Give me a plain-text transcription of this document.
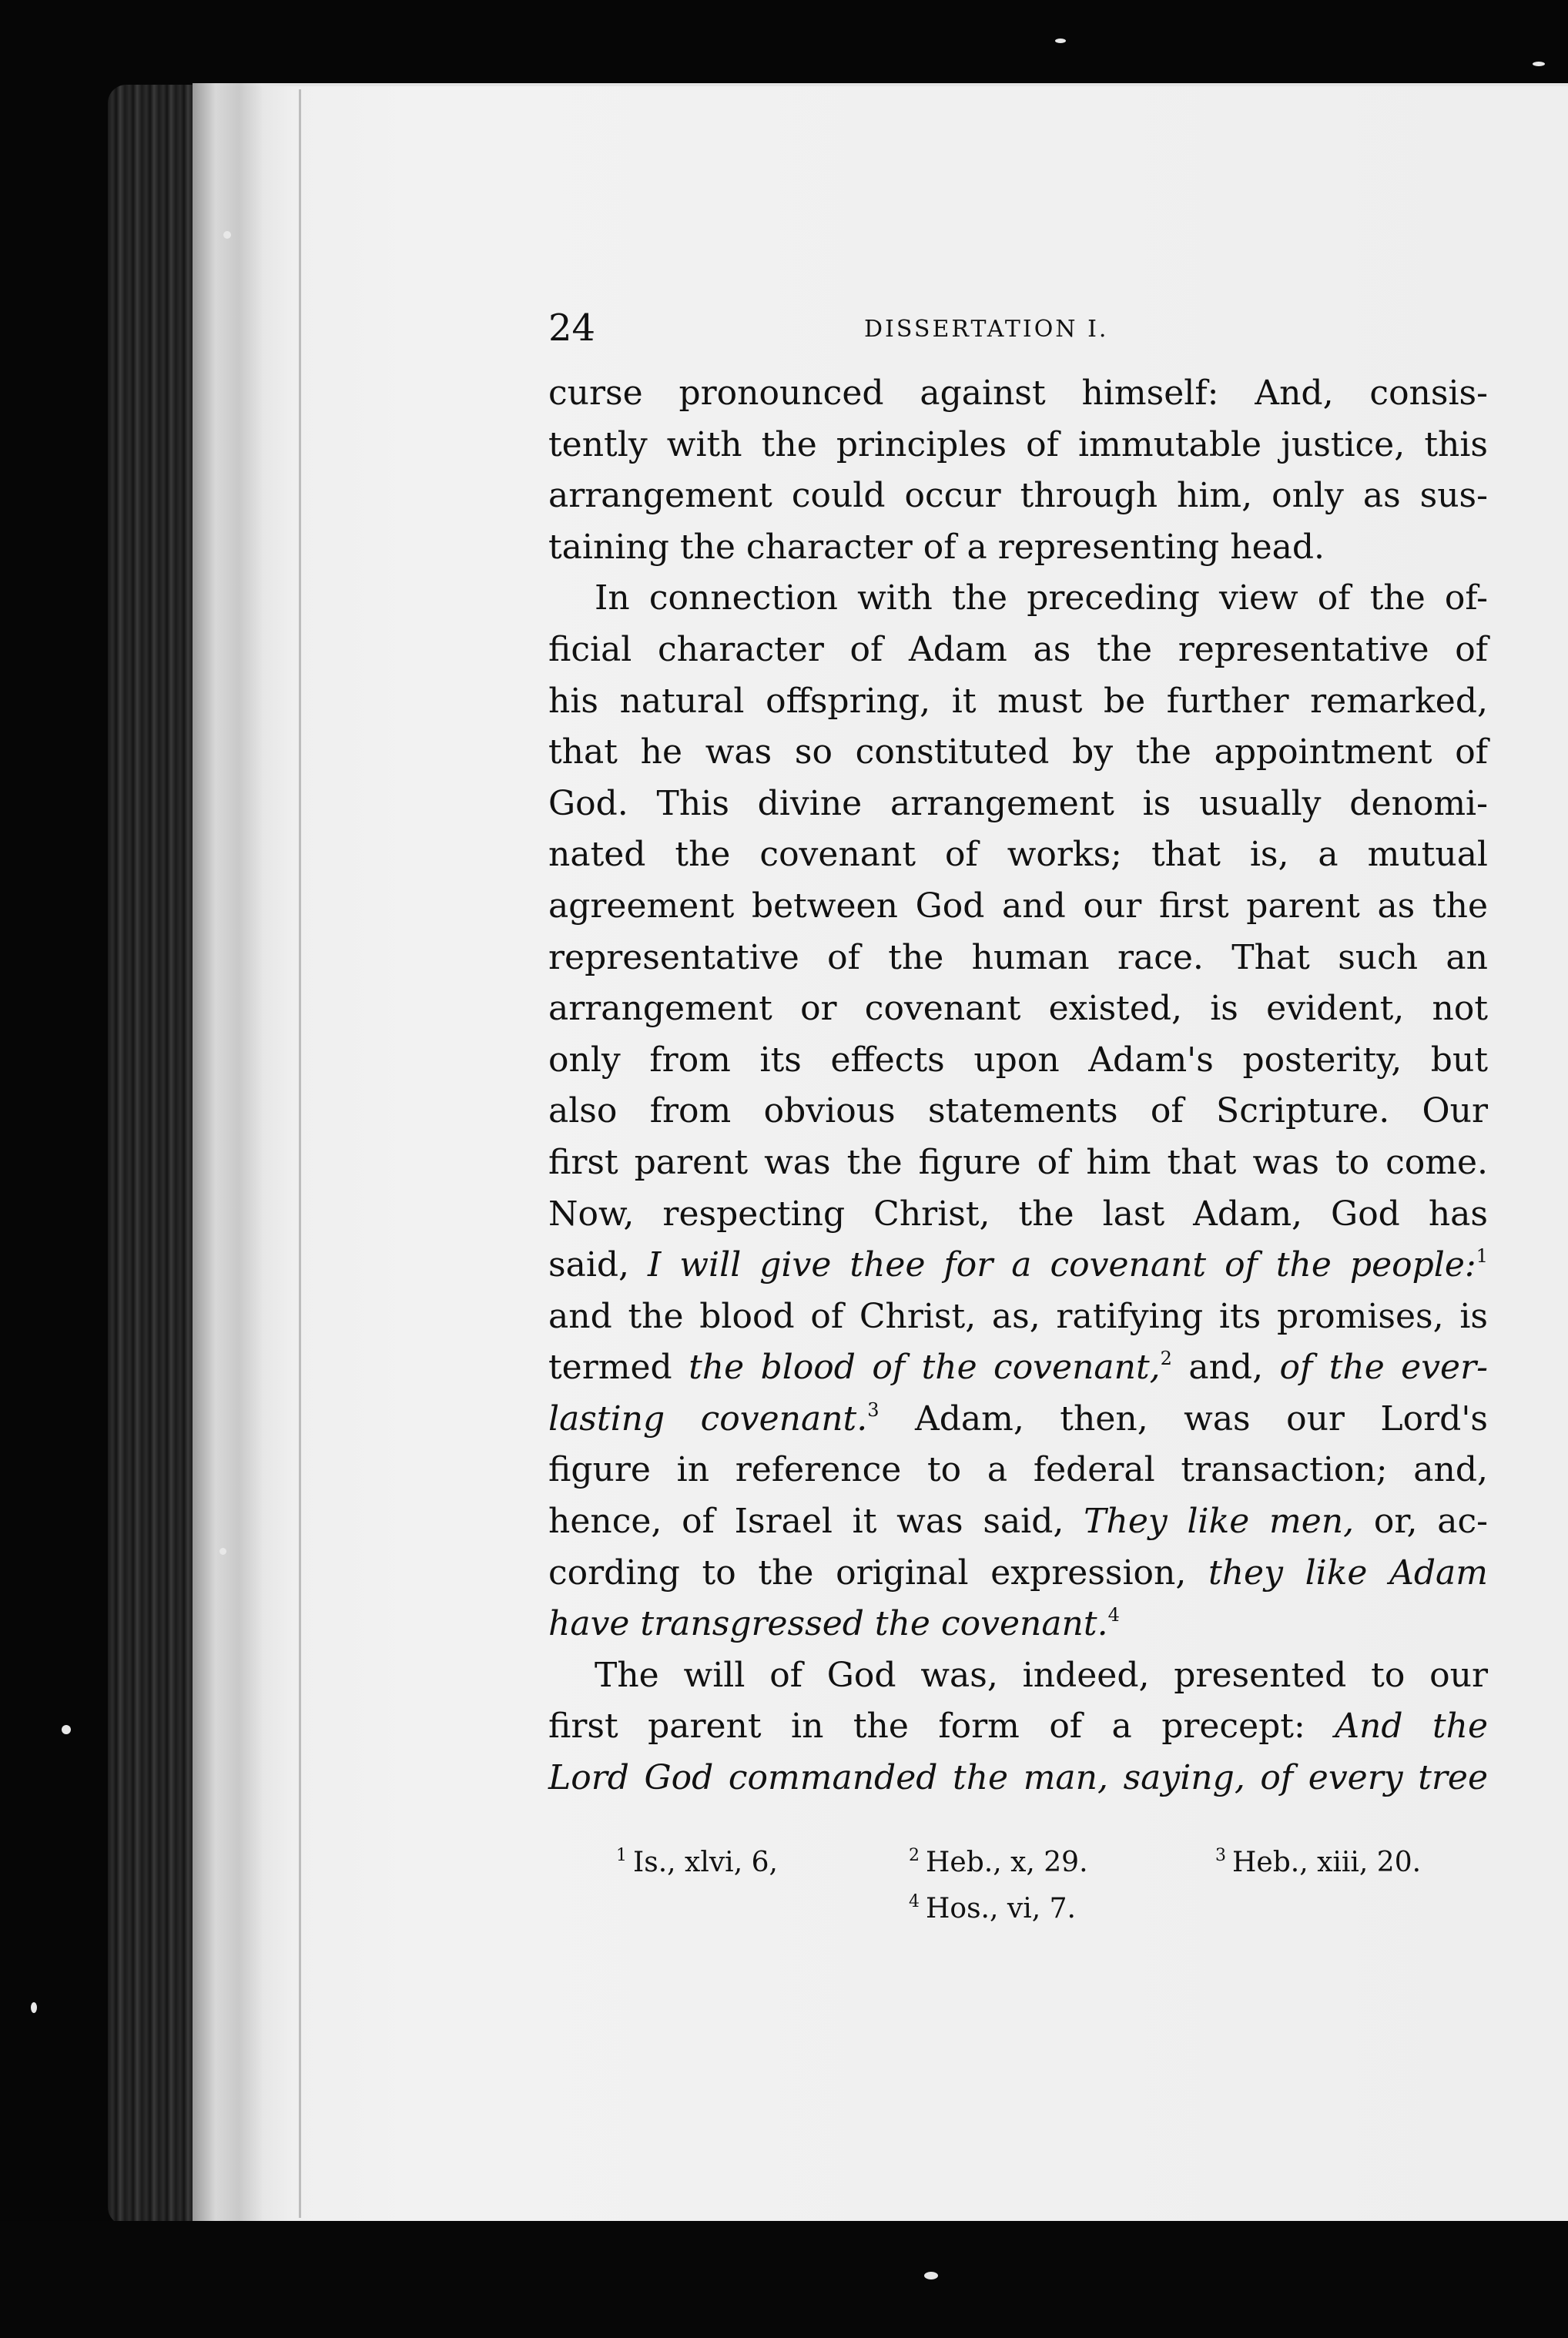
24	DISSERTATION I.
curse pronounced against himself: And, consis-
tently with the principles of immutable justice, this
arrangement could occur through him, only as sus-
taining the character of a representing head.
In connection with the preceding view of the of-
ficial character of Adam as the representative of
his natural offspring, it must be further remarked,
that he was so constituted by the appointment of
God. This divine arrangement is usually denomi-
nated the covenant of works; that is, a mutual
agreement between God and our first parent as the
representative of the human race. That such an
arrangement or covenant existed, is evident, not
only from its effects upon Adam's posterity, but
also from obvious statements of Scripture. Our
first parent was the figure of him that was to come.
Now, respecting Christ, the last Adam, God has
said, I will give thee for a covenant of the people:$^1$
and the blood of Christ, as, ratifying its promises, is
termed the blood of the covenant,$^2$ and, of the ever-
lasting covenant.$^3$ Adam, then, was our Lord's
figure in reference to a federal transaction; and,
hence, of Israel it was said, They like men, or, ac-
cording to the original expression, they like Adam
have transgressed the covenant.$^4$
The will of God was, indeed, presented to our
first parent in the form of a precept: And the
Lord God commanded the man, saying, of every tree
$^1$ Is., xlvi, 6,	$^2$ Heb., x, 29.	$^3$ Heb., xiii, 20.
$^4$ Hos., vi, 7.
